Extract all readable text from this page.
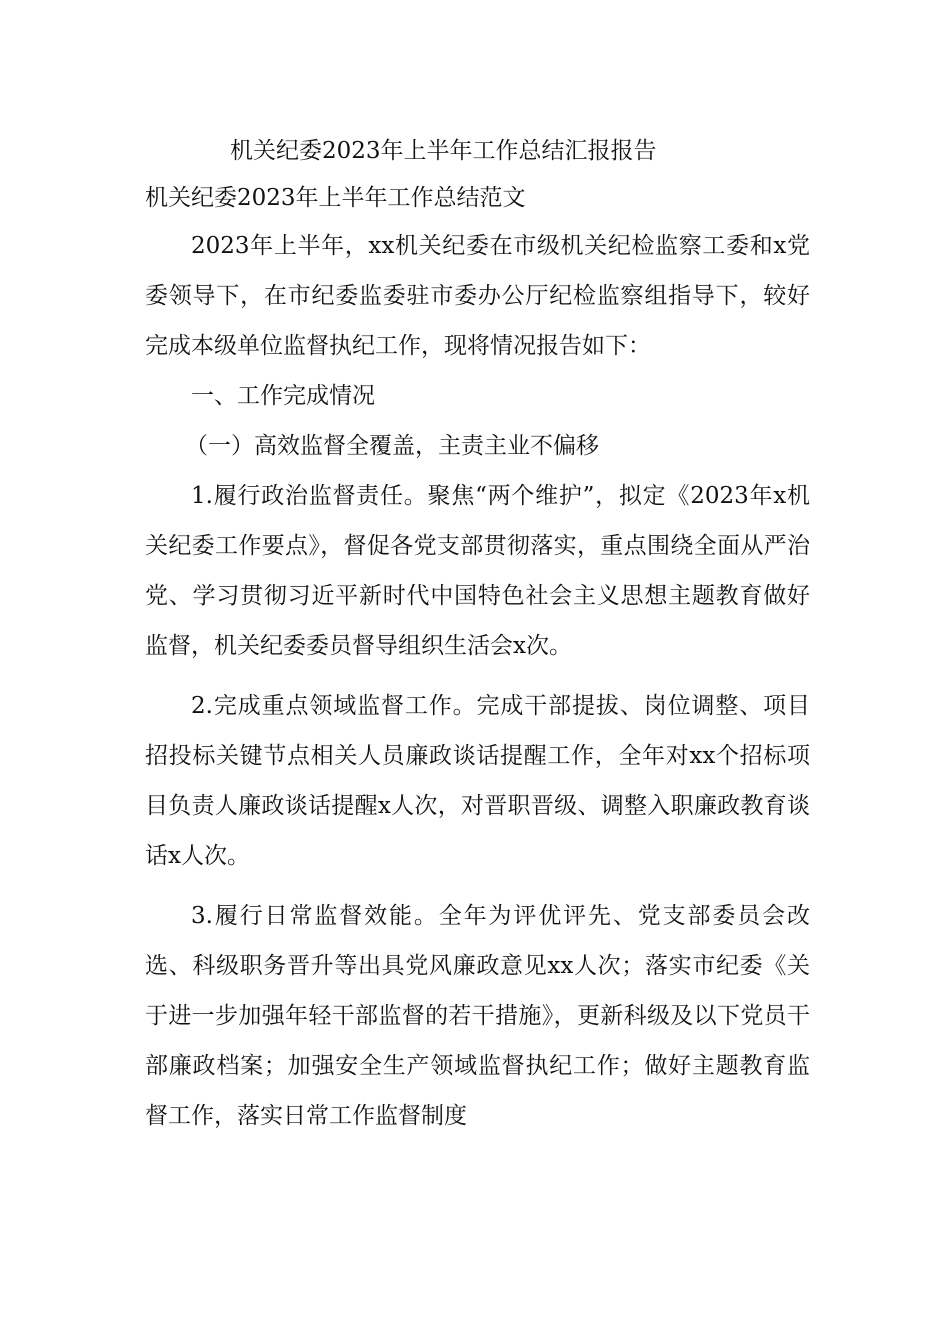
机关纪委2023年上半年工作总结汇报报告
机关纪委2023年上半年工作总结范文

2023年上半年，xx机关纪委在市级机关纪检监察工委和x党委领导下，在市纪委监委驻市委办公厅纪检监察组指导下，较好完成本级单位监督执纪工作，现将情况报告如下：

一、工作完成情况

（一）高效监督全覆盖，主责主业不偏移

1.履行政治监督责任。聚焦“两个维护”，拟定《2023年x机关纪委工作要点》，督促各党支部贯彻落实，重点围绕全面从严治党、学习贯彻习近平新时代中国特色社会主义思想主题教育做好监督，机关纪委委员督导组织生活会x次。

2.完成重点领域监督工作。完成干部提拔、岗位调整、项目招投标关键节点相关人员廉政谈话提醒工作，全年对xx个招标项目负责人廉政谈话提醒x人次，对晋职晋级、调整入职廉政教育谈话x人次。

3.履行日常监督效能。全年为评优评先、党支部委员会改选、科级职务晋升等出具党风廉政意见xx人次；落实市纪委《关于进一步加强年轻干部监督的若干措施》，更新科级及以下党员干部廉政档案；加强安全生产领域监督执纪工作；做好主题教育监督工作，落实日常工作监督制度
